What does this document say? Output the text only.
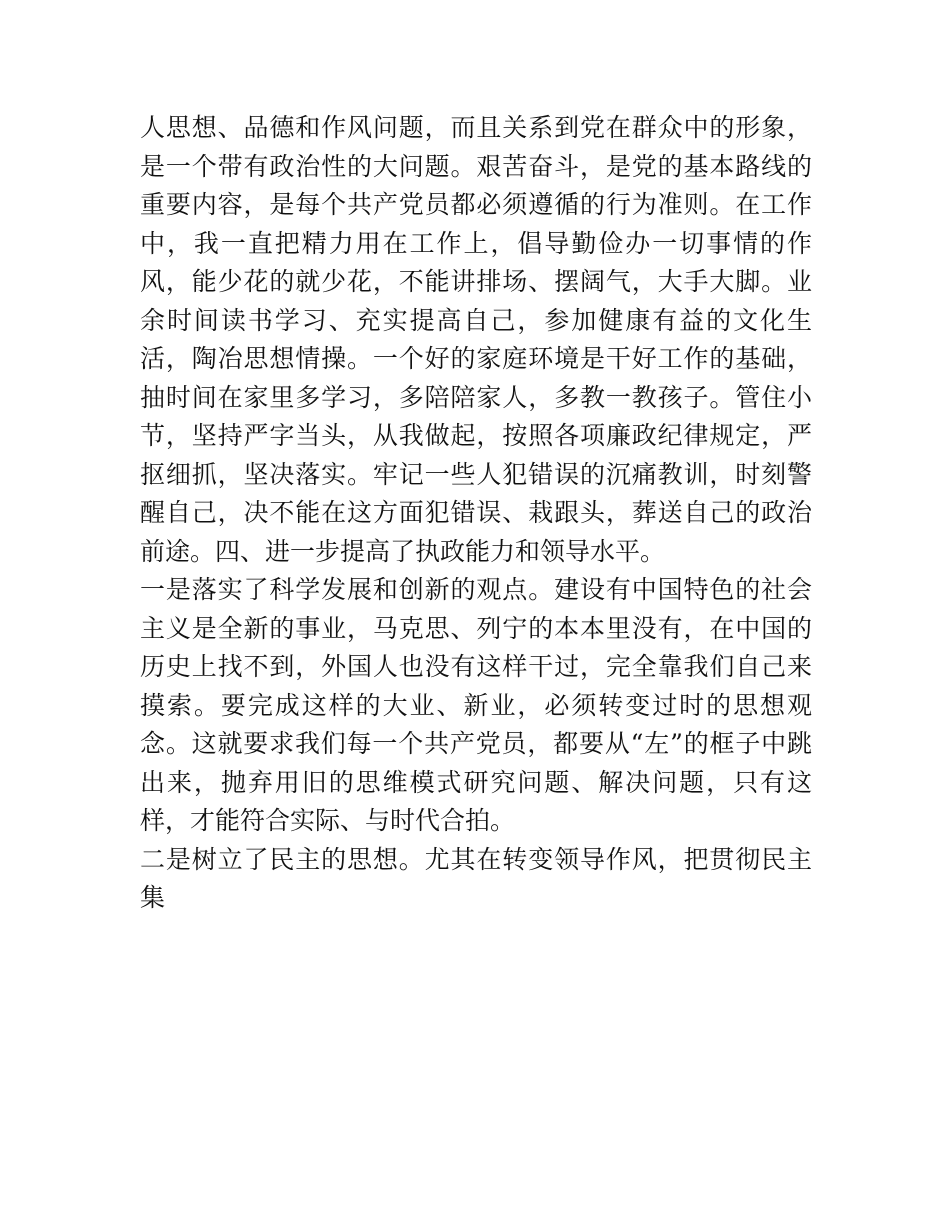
人思想、品德和作风问题，而且关系到党在群众中的形象，是一个带有政治性的大问题。艰苦奋斗，是党的基本路线的重要内容，是每个共产党员都必须遵循的行为准则。在工作中，我一直把精力用在工作上，倡导勤俭办一切事情的作风，能少花的就少花，不能讲排场、摆阔气，大手大脚。业余时间读书学习、充实提高自己，参加健康有益的文化生活，陶冶思想情操。一个好的家庭环境是干好工作的基础，抽时间在家里多学习，多陪陪家人，多教一教孩子。管住小节，坚持严字当头，从我做起，按照各项廉政纪律规定，严抠细抓，坚决落实。牢记一些人犯错误的沉痛教训，时刻警醒自己，决不能在这方面犯错误、栽跟头，葬送自己的政治前途。四、进一步提高了执政能力和领导水平。

一是落实了科学发展和创新的观点。建设有中国特色的社会主义是全新的事业，马克思、列宁的本本里没有，在中国的历史上找不到，外国人也没有这样干过，完全靠我们自己来摸索。要完成这样的大业、新业，必须转变过时的思想观念。这就要求我们每一个共产党员，都要从“左”的框子中跳出来，抛弃用旧的思维模式研究问题、解决问题，只有这样，才能符合实际、与时代合拍。

二是树立了民主的思想。尤其在转变领导作风，把贯彻民主集
